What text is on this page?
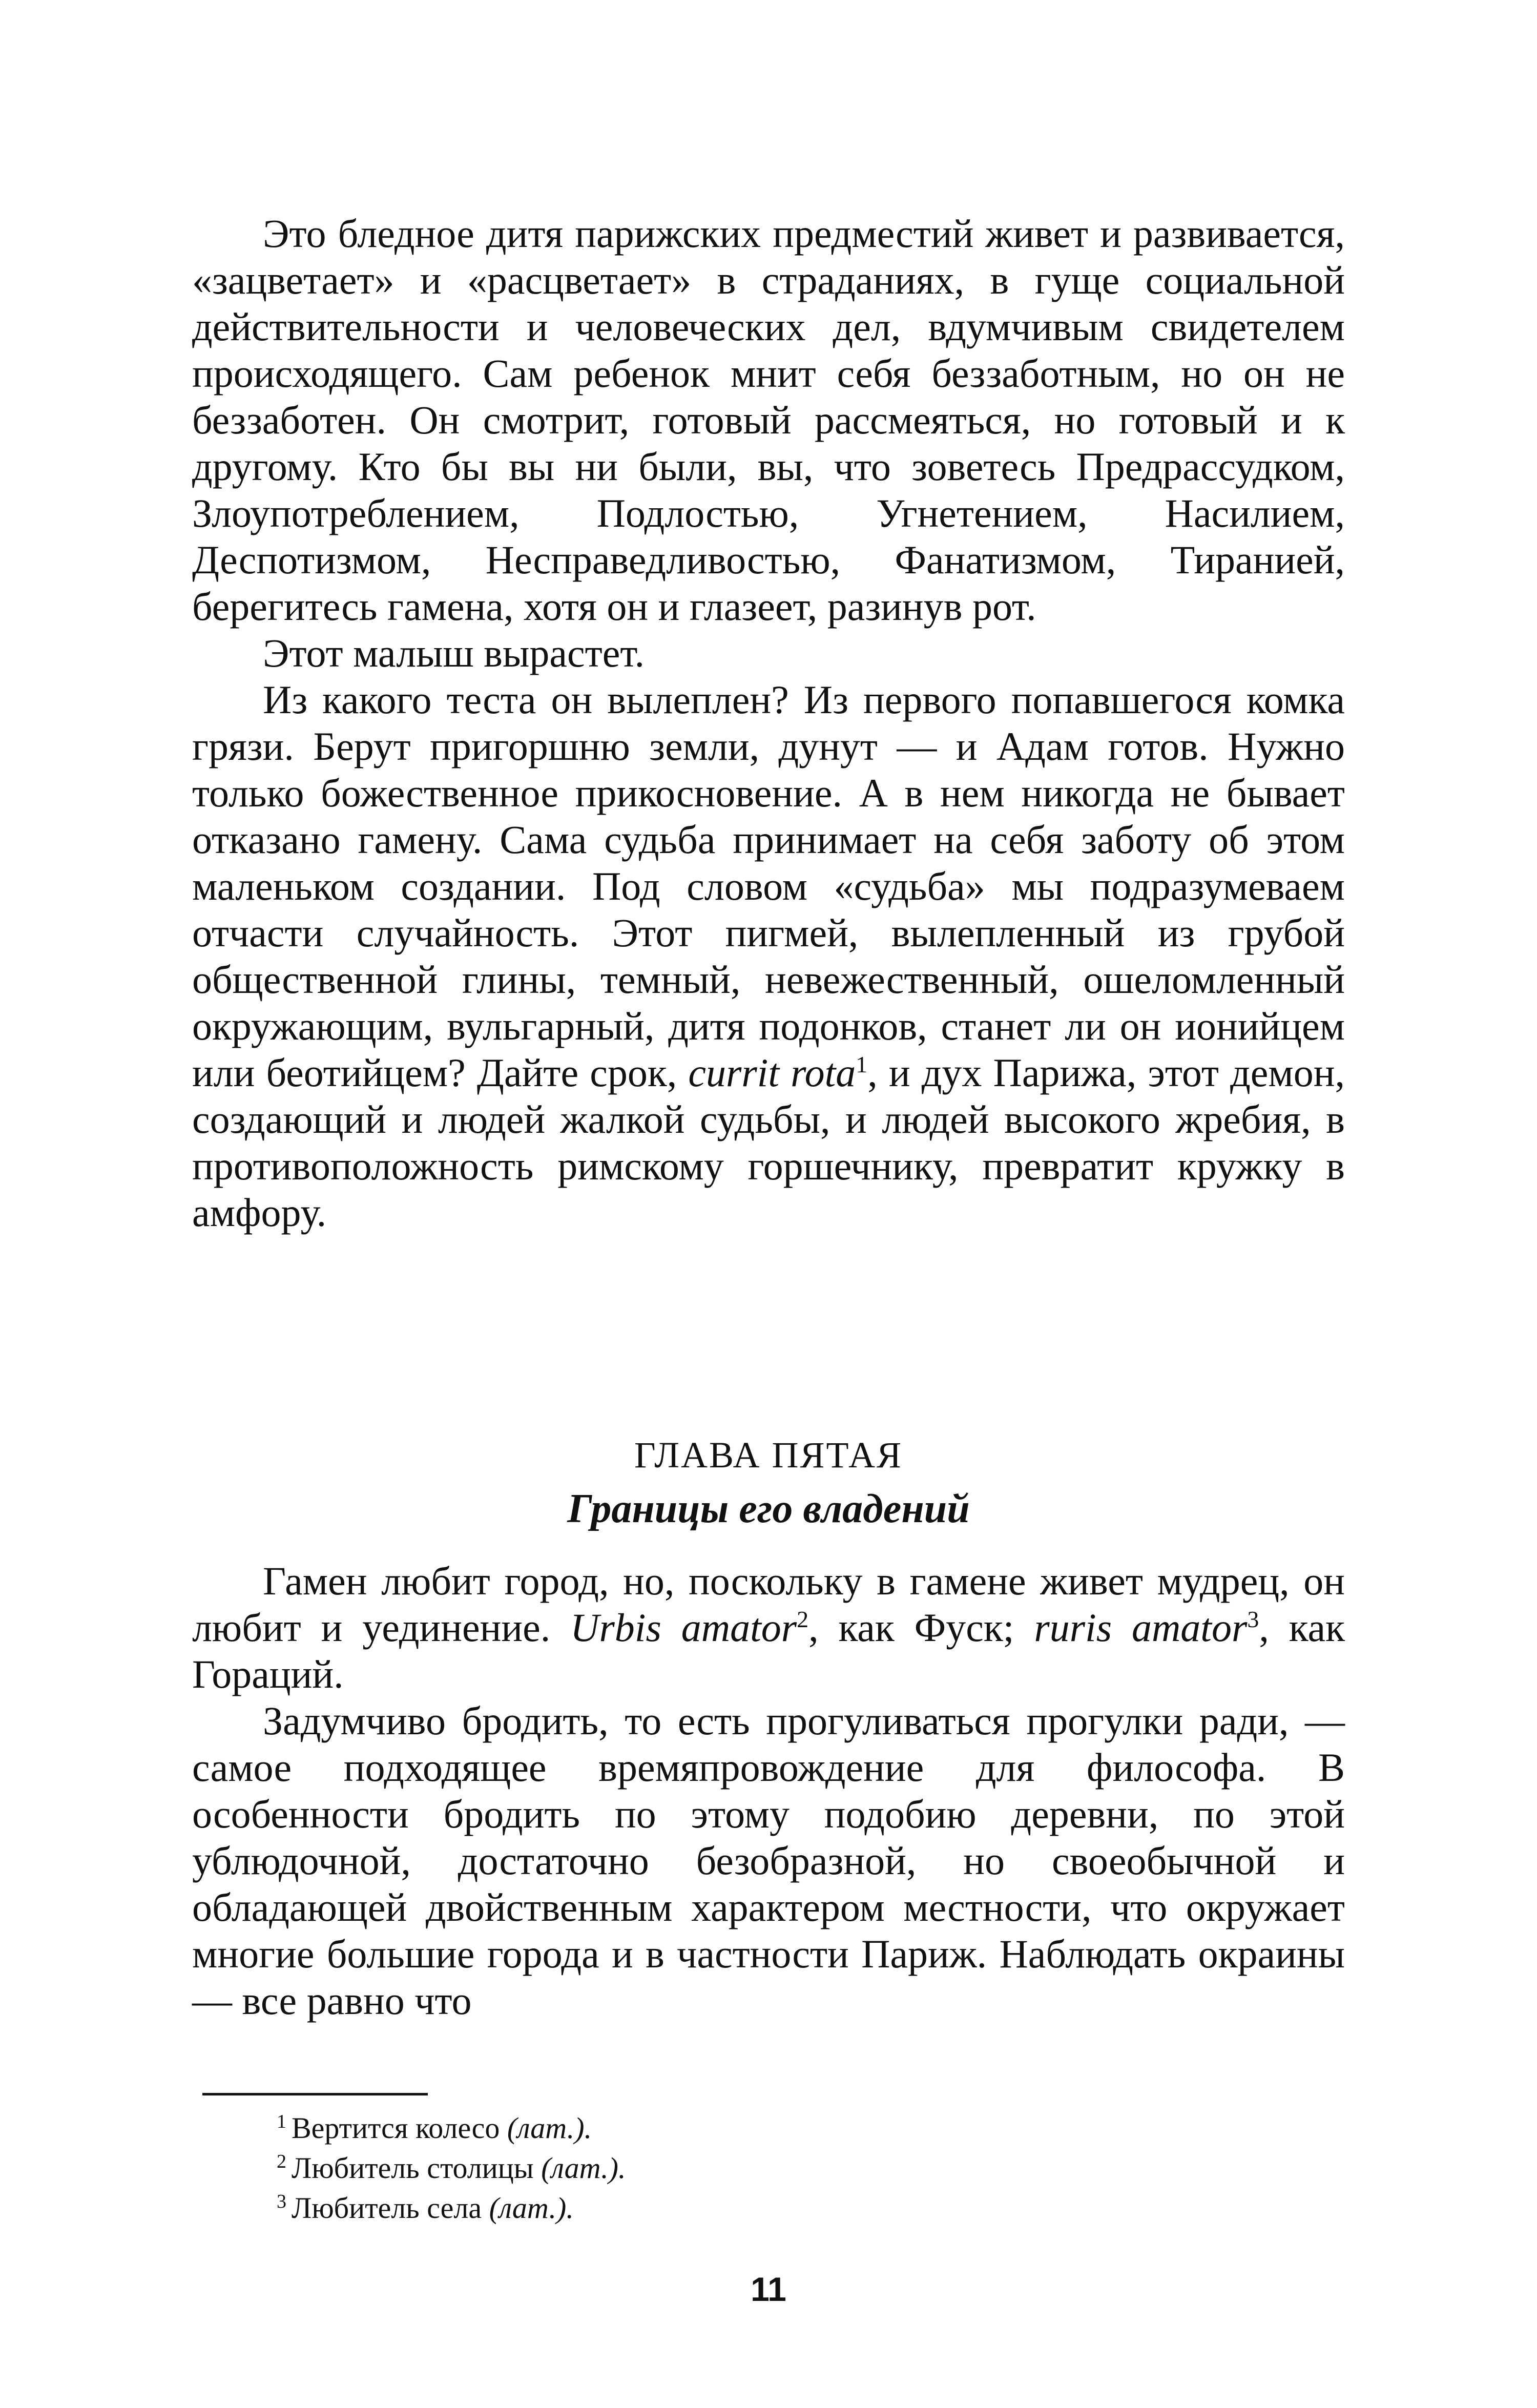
Это бледное дитя парижских предместий живет и развивается, «зацветает» и «расцветает» в страданиях, в гуще социальной действительности и человеческих дел, вдумчивым свидетелем происходящего. Сам ребенок мнит себя беззаботным, но он не беззаботен. Он смотрит, готовый рассмеяться, но готовый и к другому. Кто бы вы ни были, вы, что зоветесь Предрассудком, Злоупотреблением, Подлостью, Угнетением, Насилием, Деспотизмом, Несправедливостью, Фанатизмом, Тиранией, берегитесь гамена, хотя он и глазеет, разинув рот.

Этот малыш вырастет.

Из какого теста он вылеплен? Из первого попавшегося комка грязи. Берут пригоршню земли, дунут — и Адам готов. Нужно только божественное прикосновение. А в нем никогда не бывает отказано гамену. Сама судьба принимает на себя заботу об этом маленьком создании. Под словом «судьба» мы подразумеваем отчасти случайность. Этот пигмей, вылепленный из грубой общественной глины, темный, невежественный, ошеломленный окружающим, вульгарный, дитя подонков, станет ли он ионийцем или беотийцем? Дайте срок, currit rota$^1$, и дух Парижа, этот демон, создающий и людей жалкой судьбы, и людей высокого жребия, в противоположность римскому горшечнику, превратит кружку в амфору.

ГЛАВА ПЯТАЯ
Границы его владений

Гамен любит город, но, поскольку в гамене живет мудрец, он любит и уединение. Urbis amator$^2$, как Фуск; ruris amator$^3$, как Гораций.

Задумчиво бродить, то есть прогуливаться прогулки ради, — самое подходящее времяпровождение для философа. В особенности бродить по этому подобию деревни, по этой ублюдочной, достаточно безобразной, но своеобычной и обладающей двойственным характером местности, что окружает многие большие города и в частности Париж. Наблюдать окраины — все равно что

$^1$ Вертится колесо (лат.).

$^2$ Любитель столицы (лат.).

$^3$ Любитель села (лат.).

11
